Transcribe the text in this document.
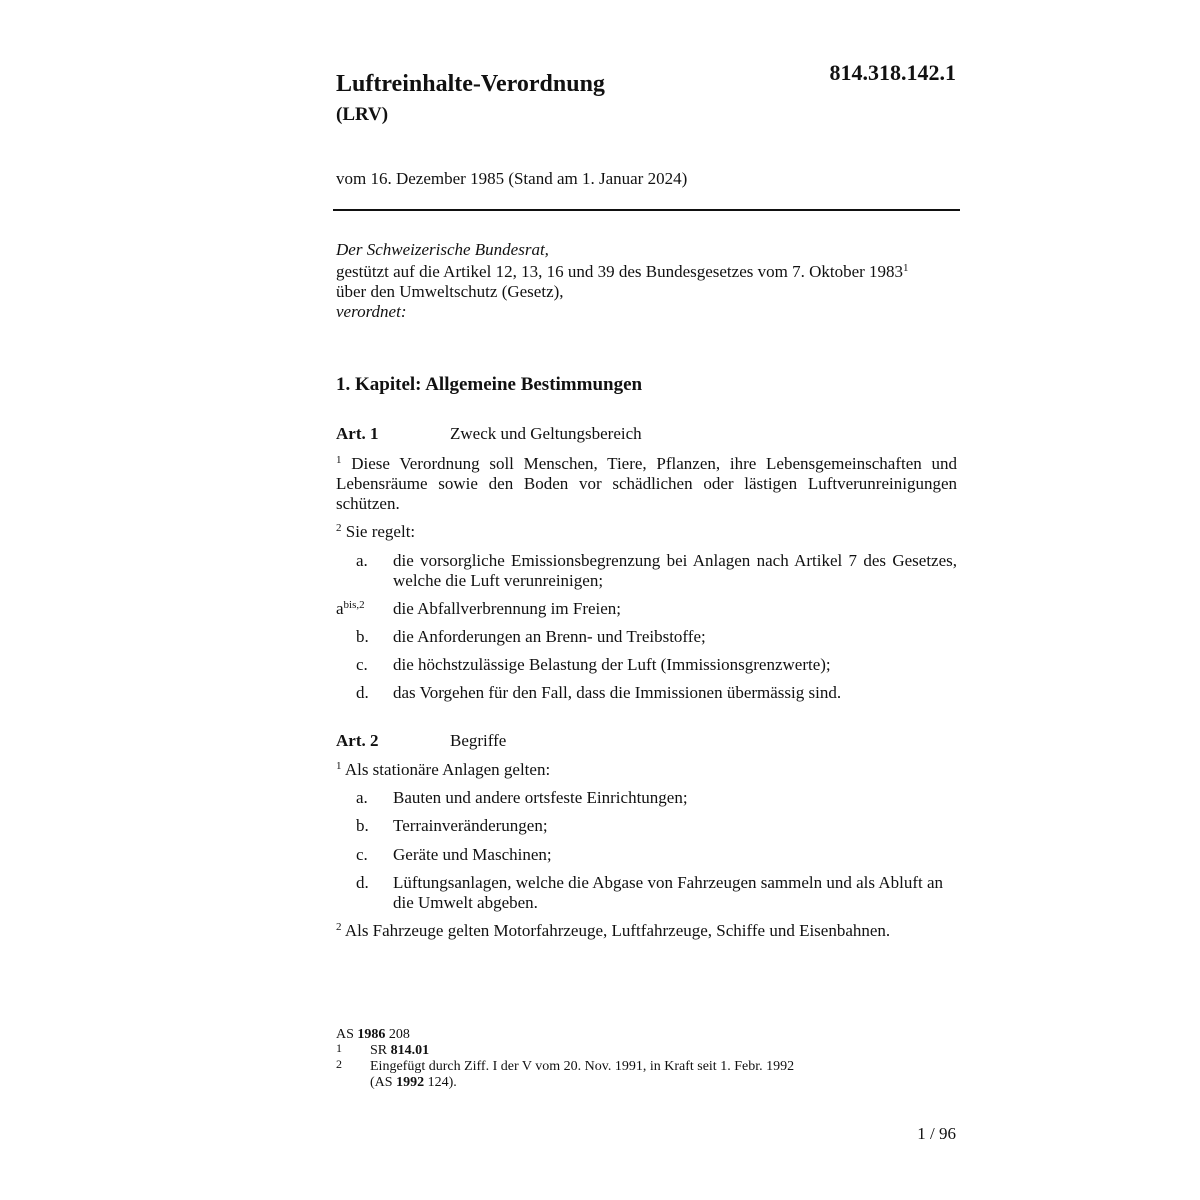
814.318.142.1
Luftreinhalte-Verordnung
(LRV)
vom 16. Dezember 1985 (Stand am 1. Januar 2024)

Der Schweizerische Bundesrat,

gestützt auf die Artikel 12, 13, 16 und 39 des Bundesgesetzes vom 7. Oktober 1983$^1$

über den Umweltschutz (Gesetz),

verordnet:

1. Kapitel: Allgemeine Bestimmungen
Art. 1	Zweck und Geltungsbereich
$^1$ Diese Verordnung soll Menschen, Tiere, Pflanzen, ihre Lebensgemeinschaften und Lebensräume sowie den Boden vor schädlichen oder lästigen Luftverunreinigungen schützen.
$^2$ Sie regelt:
a. die vorsorgliche Emissionsbegrenzung bei Anlagen nach Artikel 7 des Gesetzes, welche die Luft verunreinigen;
$a^{bis,2}$ die Abfallverbrennung im Freien;
b. die Anforderungen an Brenn- und Treibstoffe;
c. die höchstzulässige Belastung der Luft (Immissionsgrenzwerte);
d. das Vorgehen für den Fall, dass die Immissionen übermässig sind.
Art. 2	Begriffe
$^1$ Als stationäre Anlagen gelten:
a. Bauten und andere ortsfeste Einrichtungen;
b. Terrainveränderungen;
c. Geräte und Maschinen;
d. Lüftungsanlagen, welche die Abgase von Fahrzeugen sammeln und als Abluft an die Umwelt abgeben.
$^2$ Als Fahrzeuge gelten Motorfahrzeuge, Luftfahrzeuge, Schiffe und Eisenbahnen.
AS 1986 208
1 SR 814.01
2 Eingefügt durch Ziff. I der V vom 20. Nov. 1991, in Kraft seit 1. Febr. 1992
(AS 1992 124).
1 / 96
